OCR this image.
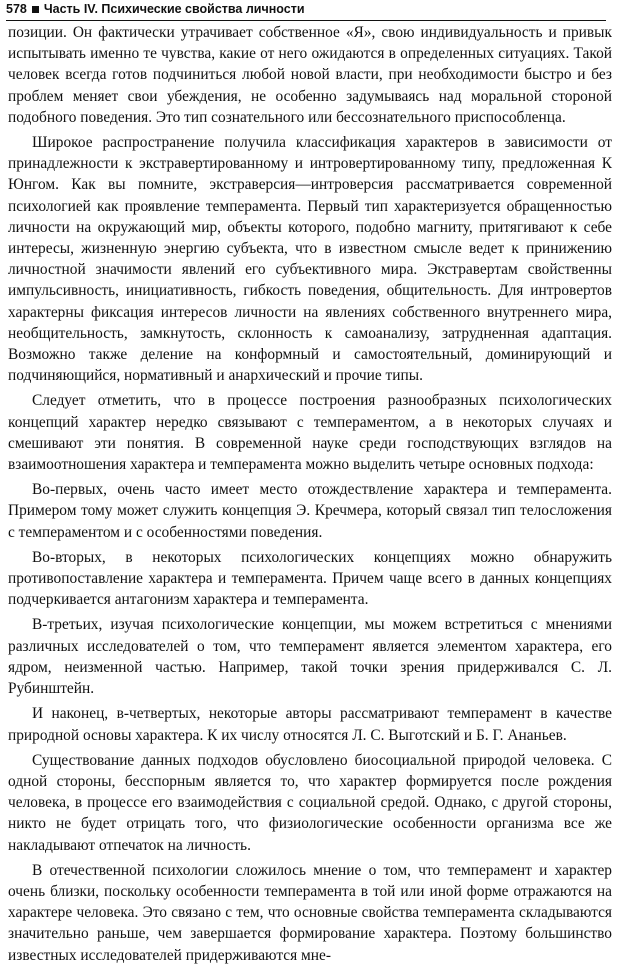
578 Часть IV. Психические свойства личности

позиции. Он фактически утрачивает собственное «Я», свою индивидуальность и привык испытывать именно те чувства, какие от него ожидаются в определенных ситуациях. Такой человек всегда готов подчиниться любой новой власти, при необходимости быстро и без проблем меняет свои убеждения, не особенно задумываясь над моральной стороной подобного поведения. Это тип сознательного или бессознательного приспособленца.

Широкое распространение получила классификация характеров в зависимости от принадлежности к экстравертированному и интровертированному типу, предложенная К Юнгом. Как вы помните, экстраверсия—интроверсия рассматривается современной психологией как проявление темперамента. Первый тип характеризуется обращенностью личности на окружающий мир, объекты которого, подобно магниту, притягивают к себе интересы, жизненную энергию субъекта, что в известном смысле ведет к принижению личностной значимости явлений его субъективного мира. Экстравертам свойственны импульсивность, инициативность, гибкость поведения, общительность. Для интровертов характерны фиксация интересов личности на явлениях собственного внутреннего мира, необщительность, замкнутость, склонность к самоанализу, затрудненная адаптация. Возможно также деление на конформный и самостоятельный, доминирующий и подчиняющийся, нормативный и анархический и прочие типы.

Следует отметить, что в процессе построения разнообразных психологических концепций характер нередко связывают с темпераментом, а в некоторых случаях и смешивают эти понятия. В современной науке среди господствующих взглядов на взаимоотношения характера и темперамента можно выделить четыре основных подхода:

Во-первых, очень часто имеет место отождествление характера и темперамента. Примером тому может служить концепция Э. Кречмера, который связал тип телосложения с темпераментом и с особенностями поведения.

Во-вторых, в некоторых психологических концепциях можно обнаружить противопоставление характера и темперамента. Причем чаще всего в данных концепциях подчеркивается антагонизм характера и темперамента.

В-третьих, изучая психологические концепции, мы можем встретиться с мнениями различных исследователей о том, что темперамент является элементом характера, его ядром, неизменной частью. Например, такой точки зрения придерживался С. Л. Рубинштейн.

И наконец, в-четвертых, некоторые авторы рассматривают темперамент в качестве природной основы характера. К их числу относятся Л. С. Выготский и Б. Г. Ананьев.

Существование данных подходов обусловлено биосоциальной природой человека. С одной стороны, бесспорным является то, что характер формируется после рождения человека, в процессе его взаимодействия с социальной средой. Однако, с другой стороны, никто не будет отрицать того, что физиологические особенности организма все же накладывают отпечаток на личность.

В отечественной психологии сложилось мнение о том, что темперамент и характер очень близки, поскольку особенности темперамента в той или иной форме отражаются на характере человека. Это связано с тем, что основные свойства темперамента складываются значительно раньше, чем завершается формирование характера. Поэтому большинство известных исследователей придерживаются мне-
